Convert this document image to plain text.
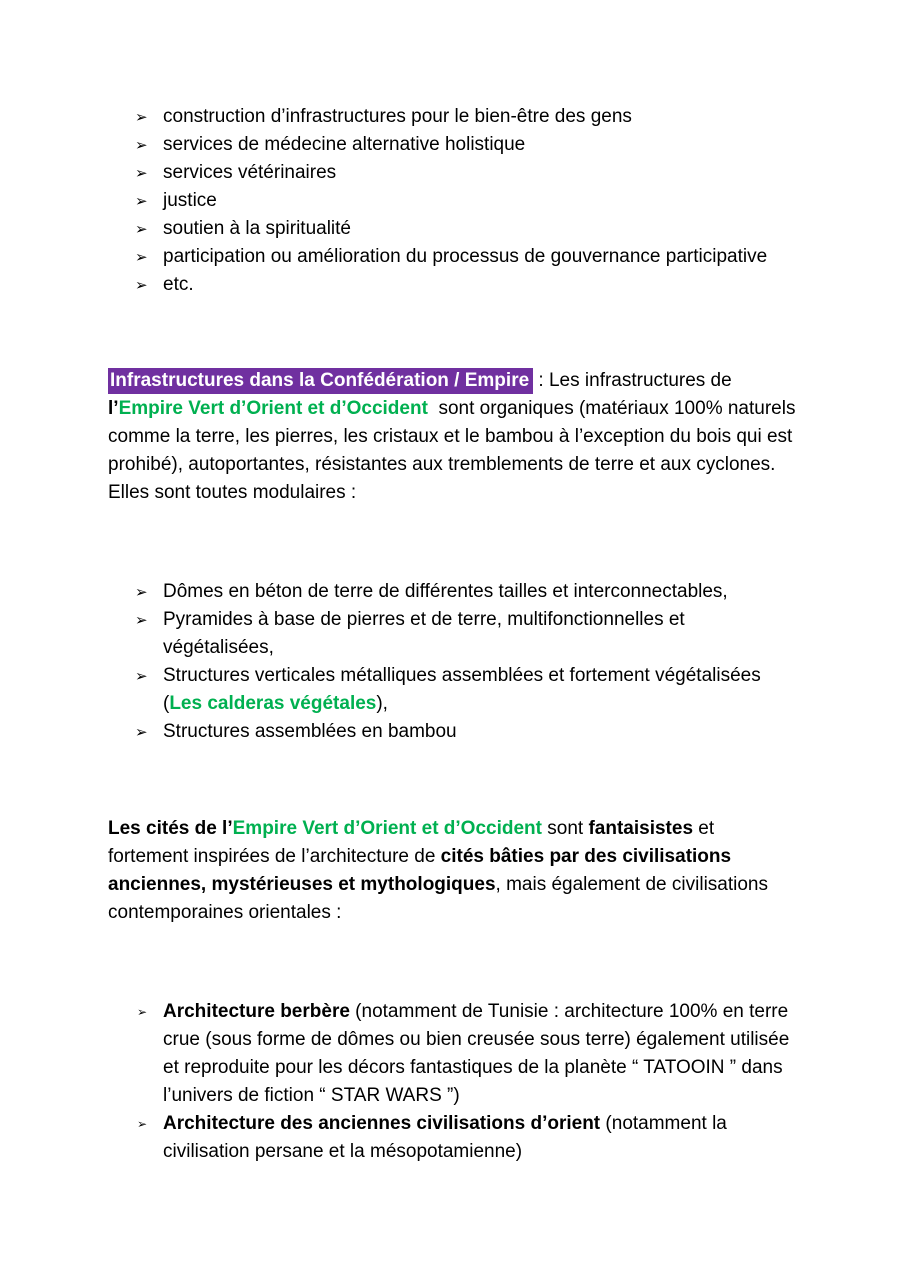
➢ construction d’infrastructures pour le bien-être des gens
➢ services de médecine alternative holistique
➢ services vétérinaires
➢ justice
➢ soutien à la spiritualité
➢ participation ou amélioration du processus de gouvernance participative
➢ etc.

Infrastructures dans la Confédération / Empire : Les infrastructures de l’Empire Vert d’Orient et d’Occident  sont organiques (matériaux 100% naturels comme la terre, les pierres, les cristaux et le bambou à l’exception du bois qui est prohibé), autoportantes, résistantes aux tremblements de terre et aux cyclones. Elles sont toutes modulaires :

➢ Dômes en béton de terre de différentes tailles et interconnectables,
➢ Pyramides à base de pierres et de terre, multifonctionnelles et végétalisées,
➢ Structures verticales métalliques assemblées et fortement végétalisées (Les calderas végétales),
➢ Structures assemblées en bambou

Les cités de l’Empire Vert d’Orient et d’Occident sont fantaisistes et fortement inspirées de l’architecture de cités bâties par des civilisations anciennes, mystérieuses et mythologiques, mais également de civilisations contemporaines orientales :

➢ Architecture berbère (notamment de Tunisie : architecture 100% en terre crue (sous forme de dômes ou bien creusée sous terre) également utilisée et reproduite pour les décors fantastiques de la planète “ TATOOIN ” dans l’univers de fiction “ STAR WARS ”)
➢ Architecture des anciennes civilisations d’orient (notamment la civilisation persane et la mésopotamienne)
